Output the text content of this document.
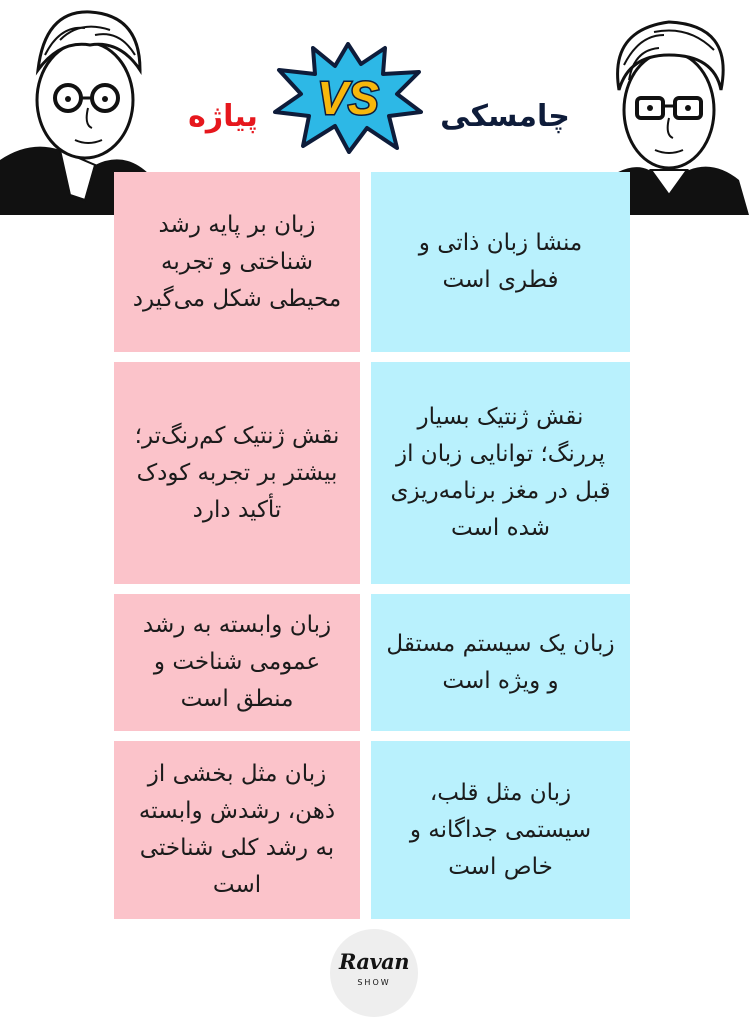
پیاژه	چامسکی
VS
زبان بر پایه رشد شناختی و تجربه محیطی شکل می‌گیرد
منشا زبان ذاتی و فطری است
نقش ژنتیک کم‌رنگ‌تر؛ بیشتر بر تجربه کودک تأکید دارد
نقش ژنتیک بسیار پررنگ؛ توانایی زبان از قبل در مغز برنامه‌ریزی شده است
زبان وابسته به رشد عمومی شناخت و منطق است
زبان یک سیستم مستقل و ویژه است
زبان مثل بخشی از ذهن، رشدش وابسته به رشد کلی شناختی است
زبان مثل قلب، سیستمی جداگانه و خاص است
Ravan
SHOW
